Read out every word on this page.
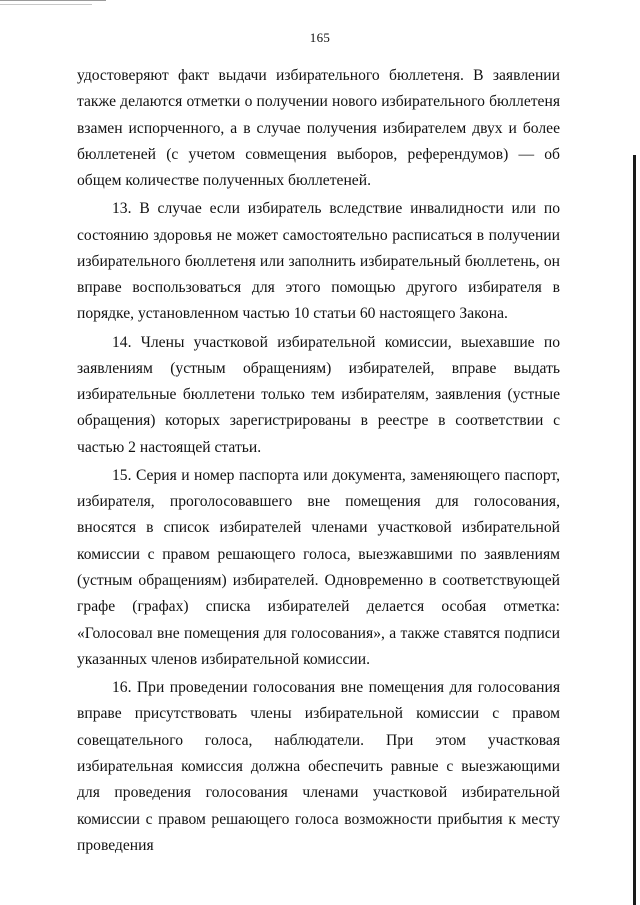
165

удостоверяют факт выдачи избирательного бюллетеня. В заявлении также делаются отметки о получении нового избирательного бюллетеня взамен испорченного, а в случае получения избирателем двух и более бюллетеней (с учетом совмещения выборов, референдумов) — об общем количестве полученных бюллетеней.

13. В случае если избиратель вследствие инвалидности или по состоянию здоровья не может самостоятельно расписаться в получении избирательного бюллетеня или заполнить избирательный бюллетень, он вправе воспользоваться для этого помощью другого избирателя в порядке, установленном частью 10 статьи 60 настоящего Закона.

14. Члены участковой избирательной комиссии, выехавшие по заявлениям (устным обращениям) избирателей, вправе выдать избирательные бюллетени только тем избирателям, заявления (устные обращения) которых зарегистрированы в реестре в соответствии с частью 2 настоящей статьи.

15. Серия и номер паспорта или документа, заменяющего паспорт, избирателя, проголосовавшего вне помещения для голосования, вносятся в список избирателей членами участковой избирательной комиссии с правом решающего голоса, выезжавшими по заявлениям (устным обращениям) избирателей. Одновременно в соответствующей графе (графах) списка избирателей делается особая отметка: «Голосовал вне помещения для голосования», а также ставятся подписи указанных членов избирательной комиссии.

16. При проведении голосования вне помещения для голосования вправе присутствовать члены избирательной комиссии с правом совещательного голоса, наблюдатели. При этом участковая избирательная комиссия должна обеспечить равные с выезжающими для проведения голосования членами участковой избирательной комиссии с правом решающего голоса возможности прибытия к месту проведения
